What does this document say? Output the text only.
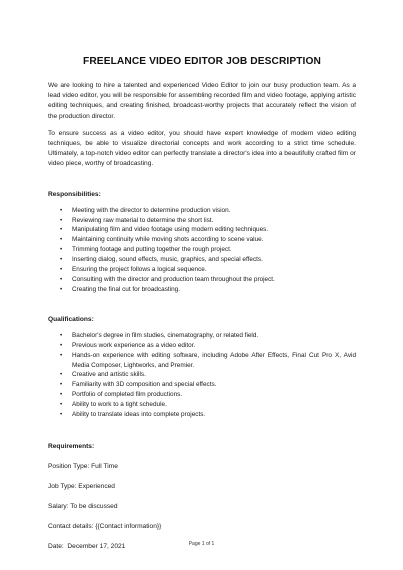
FREELANCE VIDEO EDITOR JOB DESCRIPTION

We are looking to hire a talented and experienced Video Editor to join our busy production team. As a lead video editor, you will be responsible for assembling recorded film and video footage, applying artistic editing techniques, and creating finished, broadcast-worthy projects that accurately reflect the vision of the production director.

To ensure success as a video editor, you should have expert knowledge of modern video editing techniques, be able to visualize directorial concepts and work according to a strict time schedule. Ultimately, a top-notch video editor can perfectly translate a director's idea into a beautifully crafted film or video piece, worthy of broadcasting.

Responsibilities:
• Meeting with the director to determine production vision.
• Reviewing raw material to determine the short list.
• Manipulating film and video footage using modern editing techniques.
• Maintaining continuity while moving shots according to scene value.
• Trimming footage and putting together the rough project.
• Inserting dialog, sound effects, music, graphics, and special effects.
• Ensuring the project follows a logical sequence.
• Consulting with the director and production team throughout the project.
• Creating the final cut for broadcasting.
Qualifications:
• Bachelor's degree in film studies, cinematography, or related field.
• Previous work experience as a video editor.
• Hands-on experience with editing software, including Adobe After Effects, Final Cut Pro X, Avid Media Composer, Lightworks, and Premier.
• Creative and artistic skills.
• Familiarity with 3D composition and special effects.
• Portfolio of completed film productions.
• Ability to work to a tight schedule.
• Ability to translate ideas into complete projects.
Requirements:
Position Type: Full Time
Job Type: Experienced
Salary: To be discussed
Contact details: {{Contact information}}
Date:  December 17, 2021	Page 1 of 1
